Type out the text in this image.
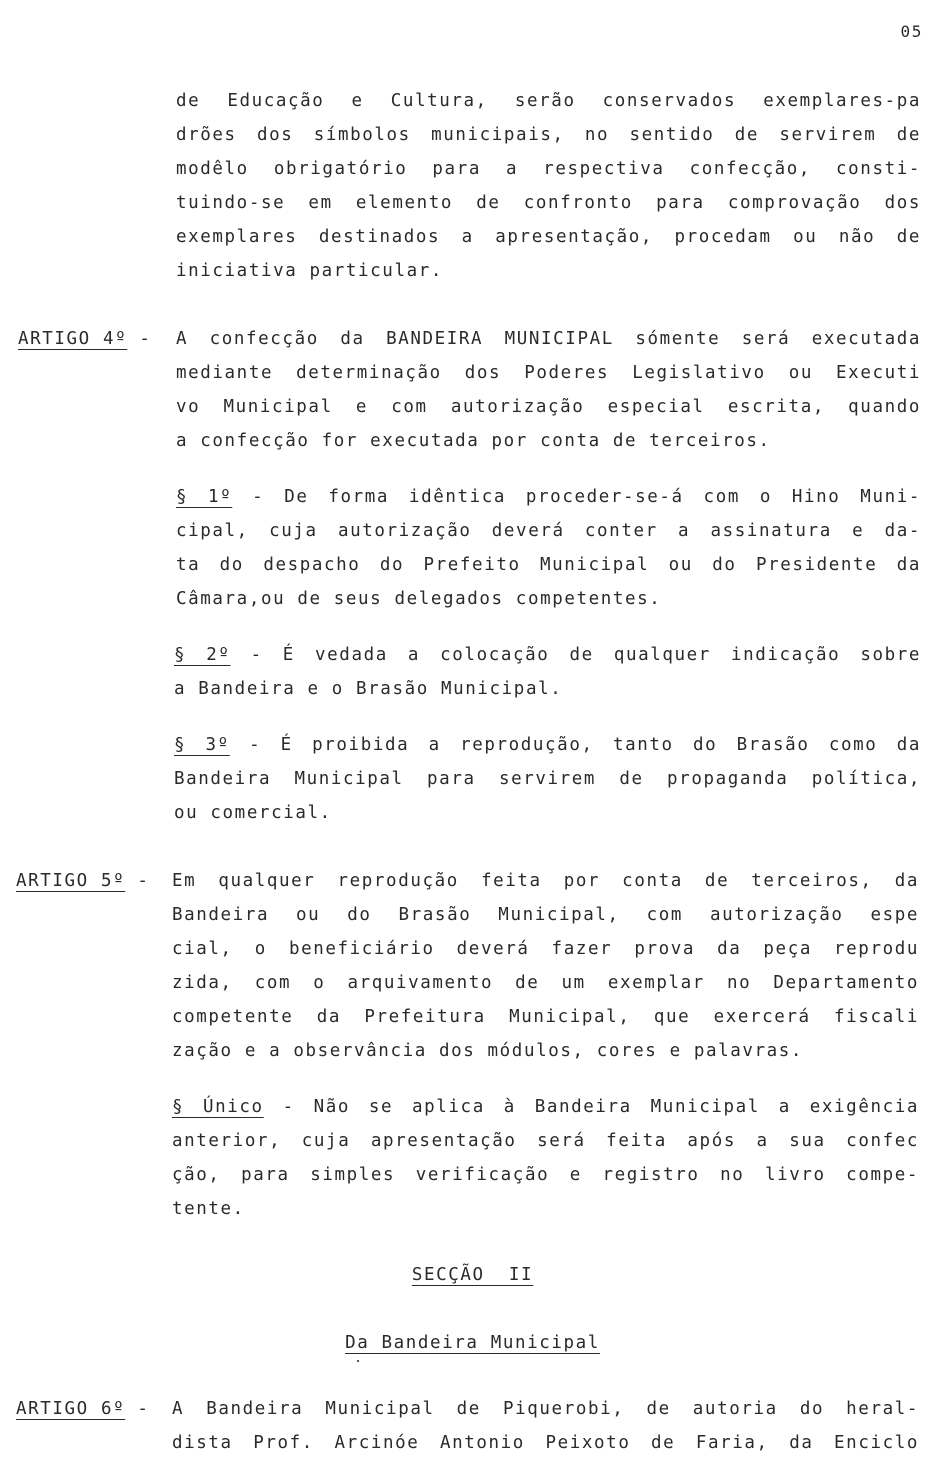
05
de Educação e Cultura, serão conservados exemplares-pa
drões dos símbolos municipais, no sentido de servirem de
modêlo obrigatório para a respectiva confecção, consti-
tuindo-se em elemento de confronto para comprovação dos
exemplares destinados a apresentação, procedam ou não de
iniciativa particular.
ARTIGO 4º - A confecção da BANDEIRA MUNICIPAL sómente será executada
mediante determinação dos Poderes Legislativo ou Executi
vo Municipal e com autorização especial escrita, quando
a confecção for executada por conta de terceiros.
§ 1º - De forma idêntica proceder-se-á com o Hino Muni-
cipal, cuja autorização deverá conter a assinatura e da-
ta do despacho do Prefeito Municipal ou do Presidente da
Câmara,ou de seus delegados competentes.
§ 2º - É vedada a colocação de qualquer indicação sobre
a Bandeira e o Brasão Municipal.
§ 3º - É proibida a reprodução, tanto do Brasão como da
Bandeira Municipal para servirem de propaganda política,
ou comercial.
ARTIGO 5º - Em qualquer reprodução feita por conta de terceiros, da
Bandeira ou do Brasão Municipal, com autorização espe
cial, o beneficiário deverá fazer prova da peça reprodu
zida, com o arquivamento de um exemplar no Departamento
competente da Prefeitura Municipal, que exercerá fiscali
zação e a observância dos módulos, cores e palavras.
§ Único - Não se aplica à Bandeira Municipal a exigência
anterior, cuja apresentação será feita após a sua confec
ção, para simples verificação e registro no livro compe-
tente.
SECÇÃO  II
Da Bandeira Municipal
ARTIGO 6º - A Bandeira Municipal de Piquerobi, de autoria do heral-
dista Prof. Arcinóe Antonio Peixoto de Faria, da Enciclo
